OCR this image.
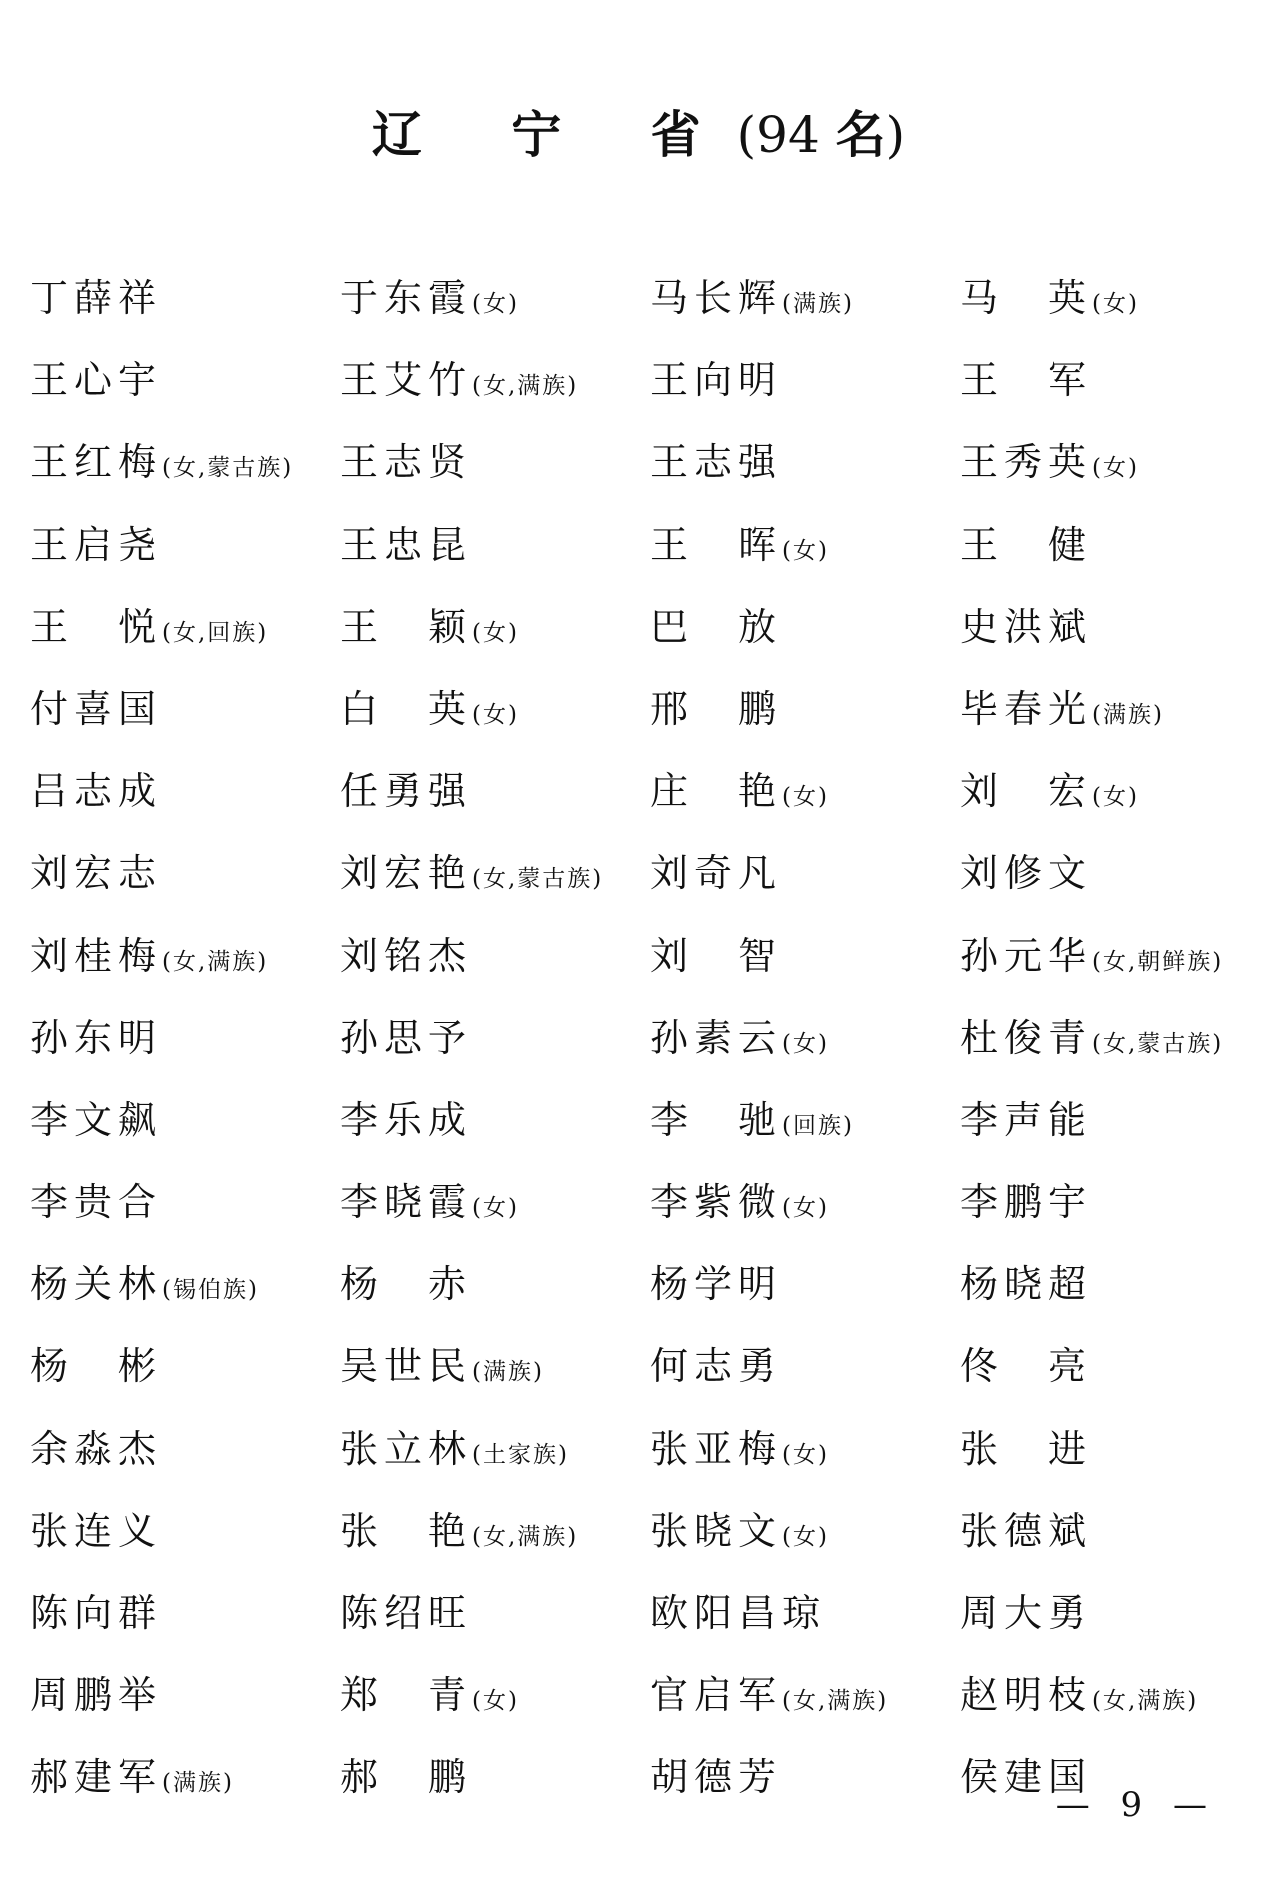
辽 宁 省(94 名)
丁薛祥	于东霞(女)	马长辉(满族)	马　英(女)
王心宇	王艾竹(女,满族)	王向明	王　军
王红梅(女,蒙古族)	王志贤	王志强	王秀英(女)
王启尧	王忠昆	王　晖(女)	王　健
王　悦(女,回族)	王　颖(女)	巴　放	史洪斌
付喜国	白　英(女)	邢　鹏	毕春光(满族)
吕志成	任勇强	庄　艳(女)	刘　宏(女)
刘宏志	刘宏艳(女,蒙古族)	刘奇凡	刘修文
刘桂梅(女,满族)	刘铭杰	刘　智	孙元华(女,朝鲜族)
孙东明	孙思予	孙素云(女)	杜俊青(女,蒙古族)
李文飙	李乐成	李　驰(回族)	李声能
李贵合	李晓霞(女)	李紫微(女)	李鹏宇
杨关林(锡伯族)	杨　赤	杨学明	杨晓超
杨　彬	吴世民(满族)	何志勇	佟　亮
余淼杰	张立林(土家族)	张亚梅(女)	张　进
张连义	张　艳(女,满族)	张晓文(女)	张德斌
陈向群	陈绍旺	欧阳昌琼	周大勇
周鹏举	郑　青(女)	官启军(女,满族)	赵明枝(女,满族)
郝建军(满族)	郝　鹏	胡德芳	侯建国
— 9 —
